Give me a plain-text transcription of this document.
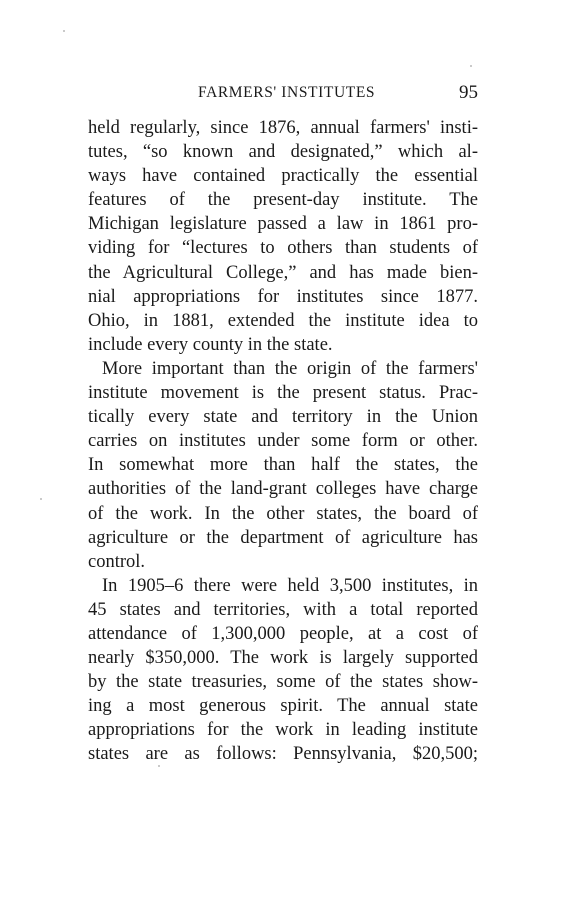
FARMERS' INSTITUTES	95
held regularly, since 1876, annual farmers' insti-
tutes, “so known and designated,” which al-
ways have contained practically the essential
features of the present-day institute. The
Michigan legislature passed a law in 1861 pro-
viding for “lectures to others than students of
the Agricultural College,” and has made bien-
nial appropriations for institutes since 1877.
Ohio, in 1881, extended the institute idea to
include every county in the state.
More important than the origin of the farmers'
institute movement is the present status. Prac-
tically every state and territory in the Union
carries on institutes under some form or other.
In somewhat more than half the states, the
authorities of the land-grant colleges have charge
of the work. In the other states, the board of
agriculture or the department of agriculture has
control.
In 1905–6 there were held 3,500 institutes, in
45 states and territories, with a total reported
attendance of 1,300,000 people, at a cost of
nearly $350,000. The work is largely supported
by the state treasuries, some of the states show-
ing a most generous spirit. The annual state
appropriations for the work in leading institute
states are as follows: Pennsylvania, $20,500;
